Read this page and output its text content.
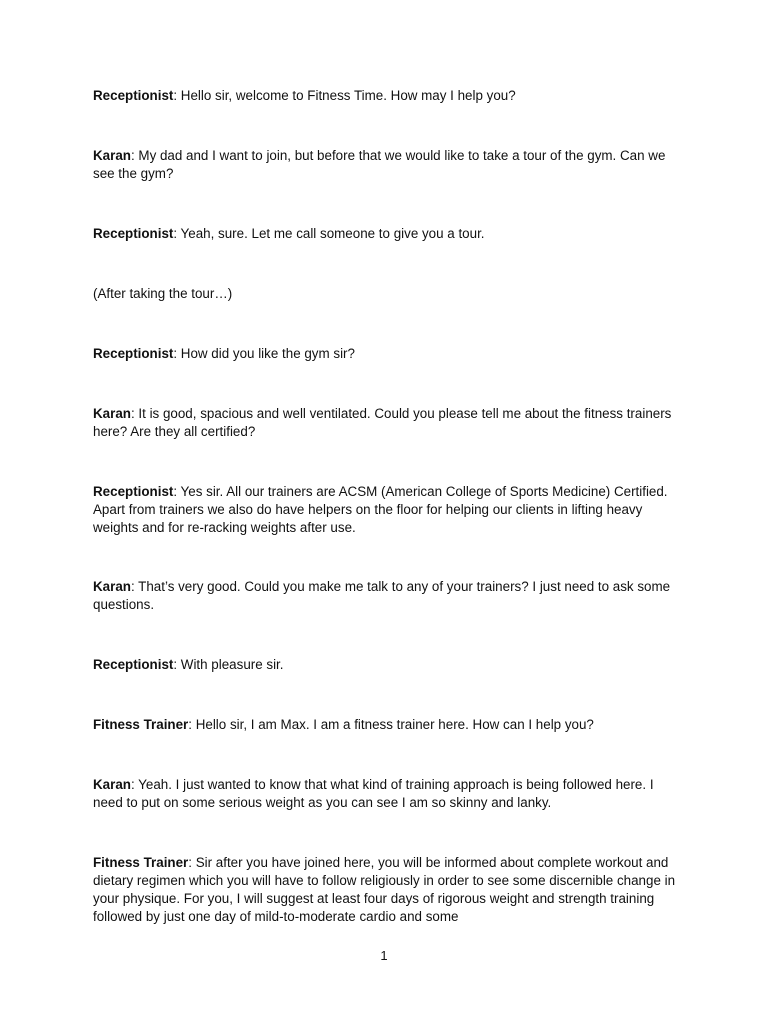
Receptionist: Hello sir, welcome to Fitness Time. How may I help you?

Karan: My dad and I want to join, but before that we would like to take a tour of the gym. Can we see the gym?

Receptionist: Yeah, sure. Let me call someone to give you a tour.

(After taking the tour…)

Receptionist: How did you like the gym sir?

Karan: It is good, spacious and well ventilated. Could you please tell me about the fitness trainers here? Are they all certified?

Receptionist: Yes sir. All our trainers are ACSM (American College of Sports Medicine) Certified. Apart from trainers we also do have helpers on the floor for helping our clients in lifting heavy weights and for re-racking weights after use.

Karan: That’s very good. Could you make me talk to any of your trainers? I just need to ask some questions.

Receptionist: With pleasure sir.

Fitness Trainer: Hello sir, I am Max. I am a fitness trainer here. How can I help you?

Karan: Yeah. I just wanted to know that what kind of training approach is being followed here. I need to put on some serious weight as you can see I am so skinny and lanky.

Fitness Trainer: Sir after you have joined here, you will be informed about complete workout and dietary regimen which you will have to follow religiously in order to see some discernible change in your physique. For you, I will suggest at least four days of rigorous weight and strength training followed by just one day of mild-to-moderate cardio and some

1
